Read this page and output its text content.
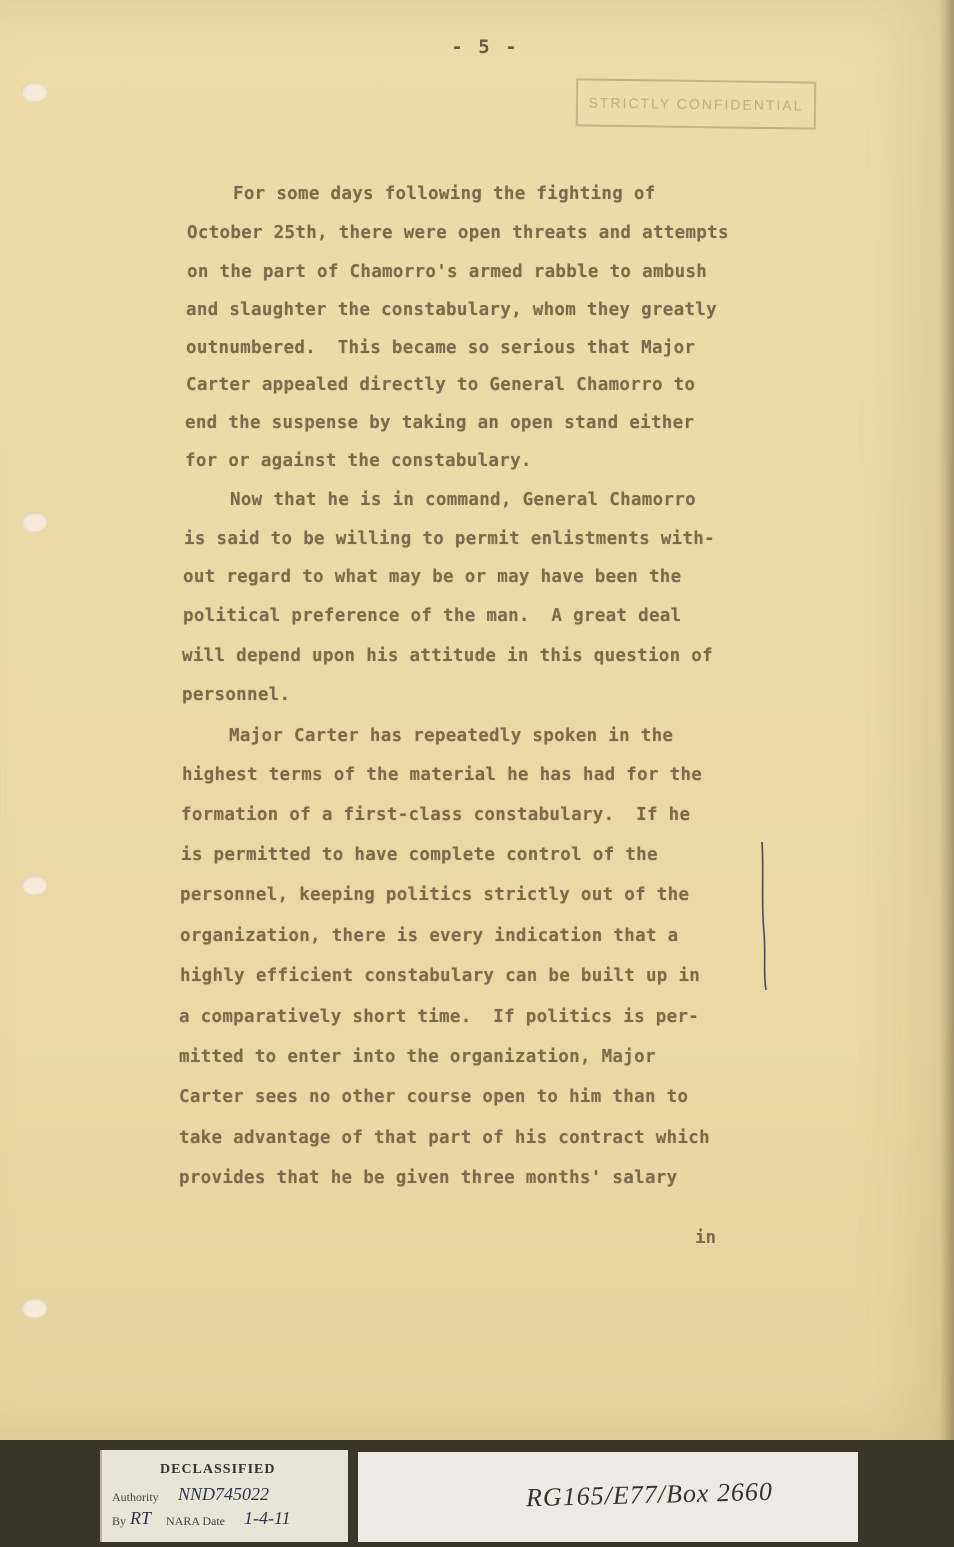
- 5 -
STRICTLY CONFIDENTIAL
For some days following the fighting of
October 25th, there were open threats and attempts
on the part of Chamorro's armed rabble to ambush
and slaughter the constabulary, whom they greatly
outnumbered.  This became so serious that Major
Carter appealed directly to General Chamorro to
end the suspense by taking an open stand either
for or against the constabulary.
Now that he is in command, General Chamorro
is said to be willing to permit enlistments with-
out regard to what may be or may have been the
political preference of the man.  A great deal
will depend upon his attitude in this question of
personnel.
Major Carter has repeatedly spoken in the
highest terms of the material he has had for the
formation of a first-class constabulary.  If he
is permitted to have complete control of the
personnel, keeping politics strictly out of the
organization, there is every indication that a
highly efficient constabulary can be built up in
a comparatively short time.  If politics is per-
mitted to enter into the organization, Major
Carter sees no other course open to him than to
take advantage of that part of his contract which
provides that he be given three months' salary
in
DECLASSIFIED
Authority NND745022
By RT NARA Date 1-4-11
RG165/E77/Box 2660
